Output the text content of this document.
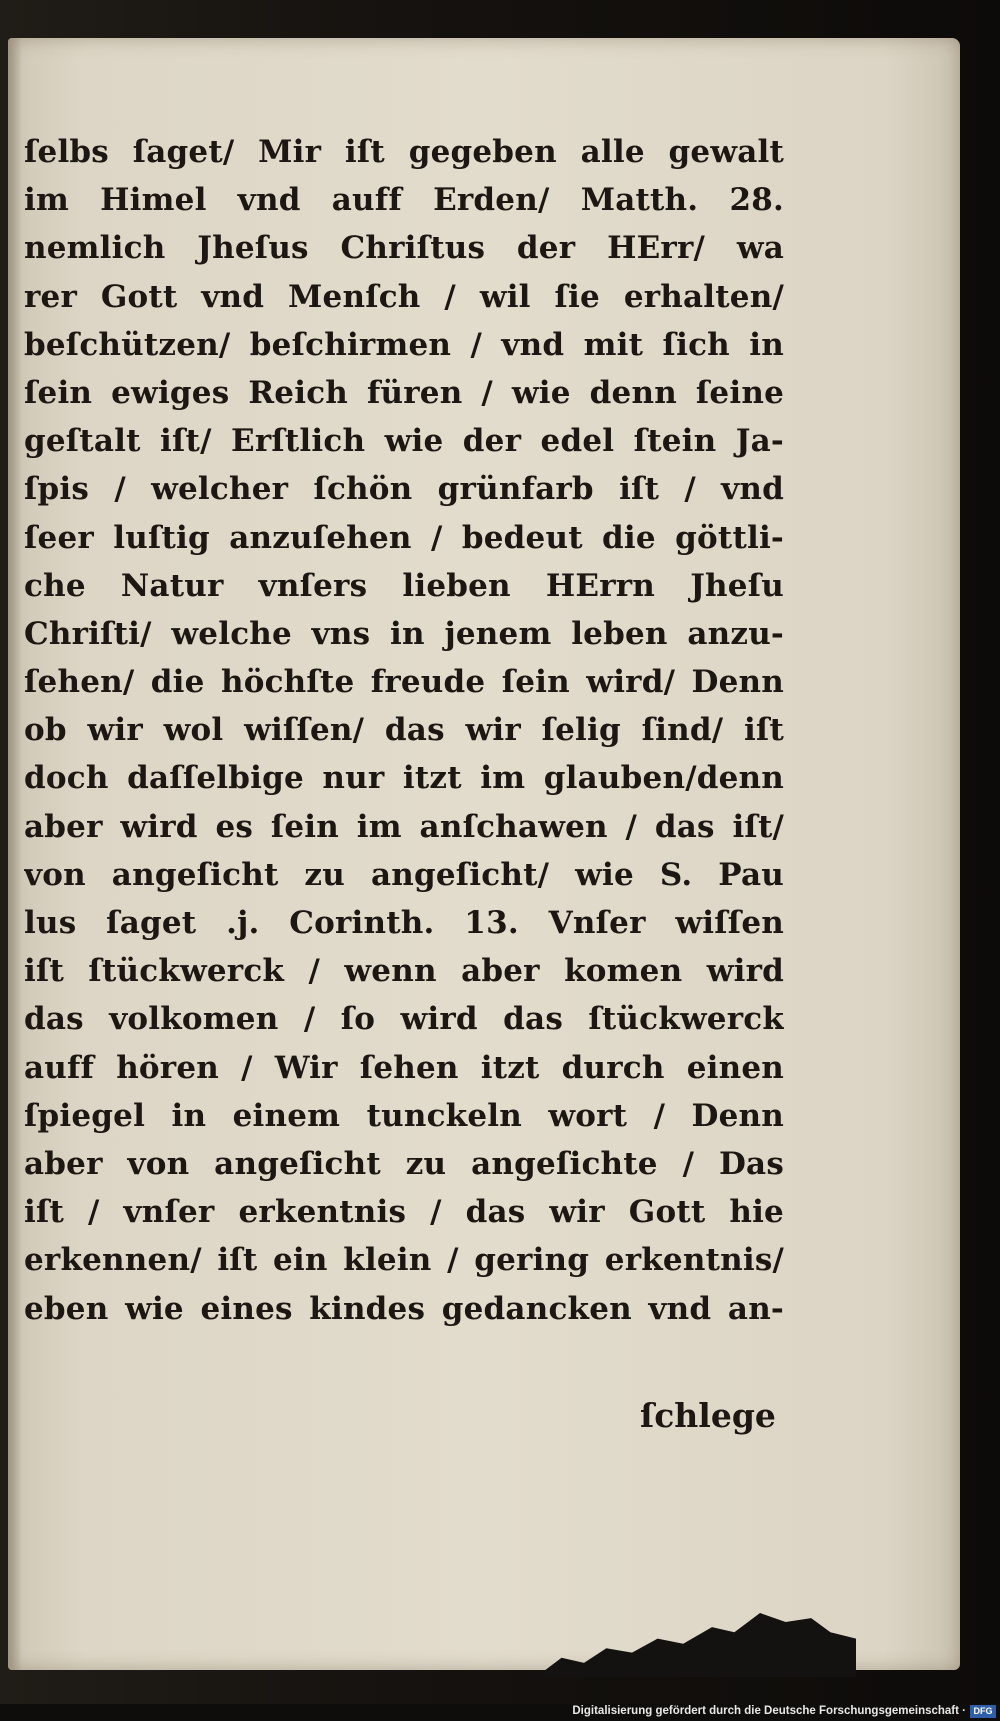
ſelbs ſaget/ Mir iſt gegeben alle gewalt
im Himel vnd auff Erden/ Matth. 28.
nemlich Jheſus Chriſtus der HErr/ wa
rer Gott vnd Menſch / wil ſie erhalten/
beſchützen/ beſchirmen / vnd mit ſich in
ſein ewiges Reich füren / wie denn ſeine
geſtalt iſt/ Erſtlich wie der edel ſtein Ja-
ſpis / welcher ſchön grünfarb iſt / vnd
ſeer luſtig anzuſehen / bedeut die göttli-
che Natur vnſers lieben HErrn Jheſu
Chriſti/ welche vns in jenem leben anzu-
ſehen/ die höchſte freude ſein wird/ Denn
ob wir wol wiſſen/ das wir ſelig ſind/ iſt
doch daſſelbige nur itzt im glauben/denn
aber wird es ſein im anſchawen / das iſt/
von angeſicht zu angeſicht/ wie S. Pau
lus ſaget .j. Corinth. 13. Vnſer wiſſen
iſt ſtückwerck / wenn aber komen wird
das volkomen / ſo wird das ſtückwerck
auff hören / Wir ſehen itzt durch einen
ſpiegel in einem tunckeln wort / Denn
aber von angeſicht zu angeſichte / Das
iſt / vnſer erkentnis / das wir Gott hie
erkennen/ iſt ein klein / gering erkentnis/
eben wie eines kindes gedancken vnd an-
ſchlege
Digitalisierung gefördert durch die Deutsche Forschungsgemeinschaft · DFG
